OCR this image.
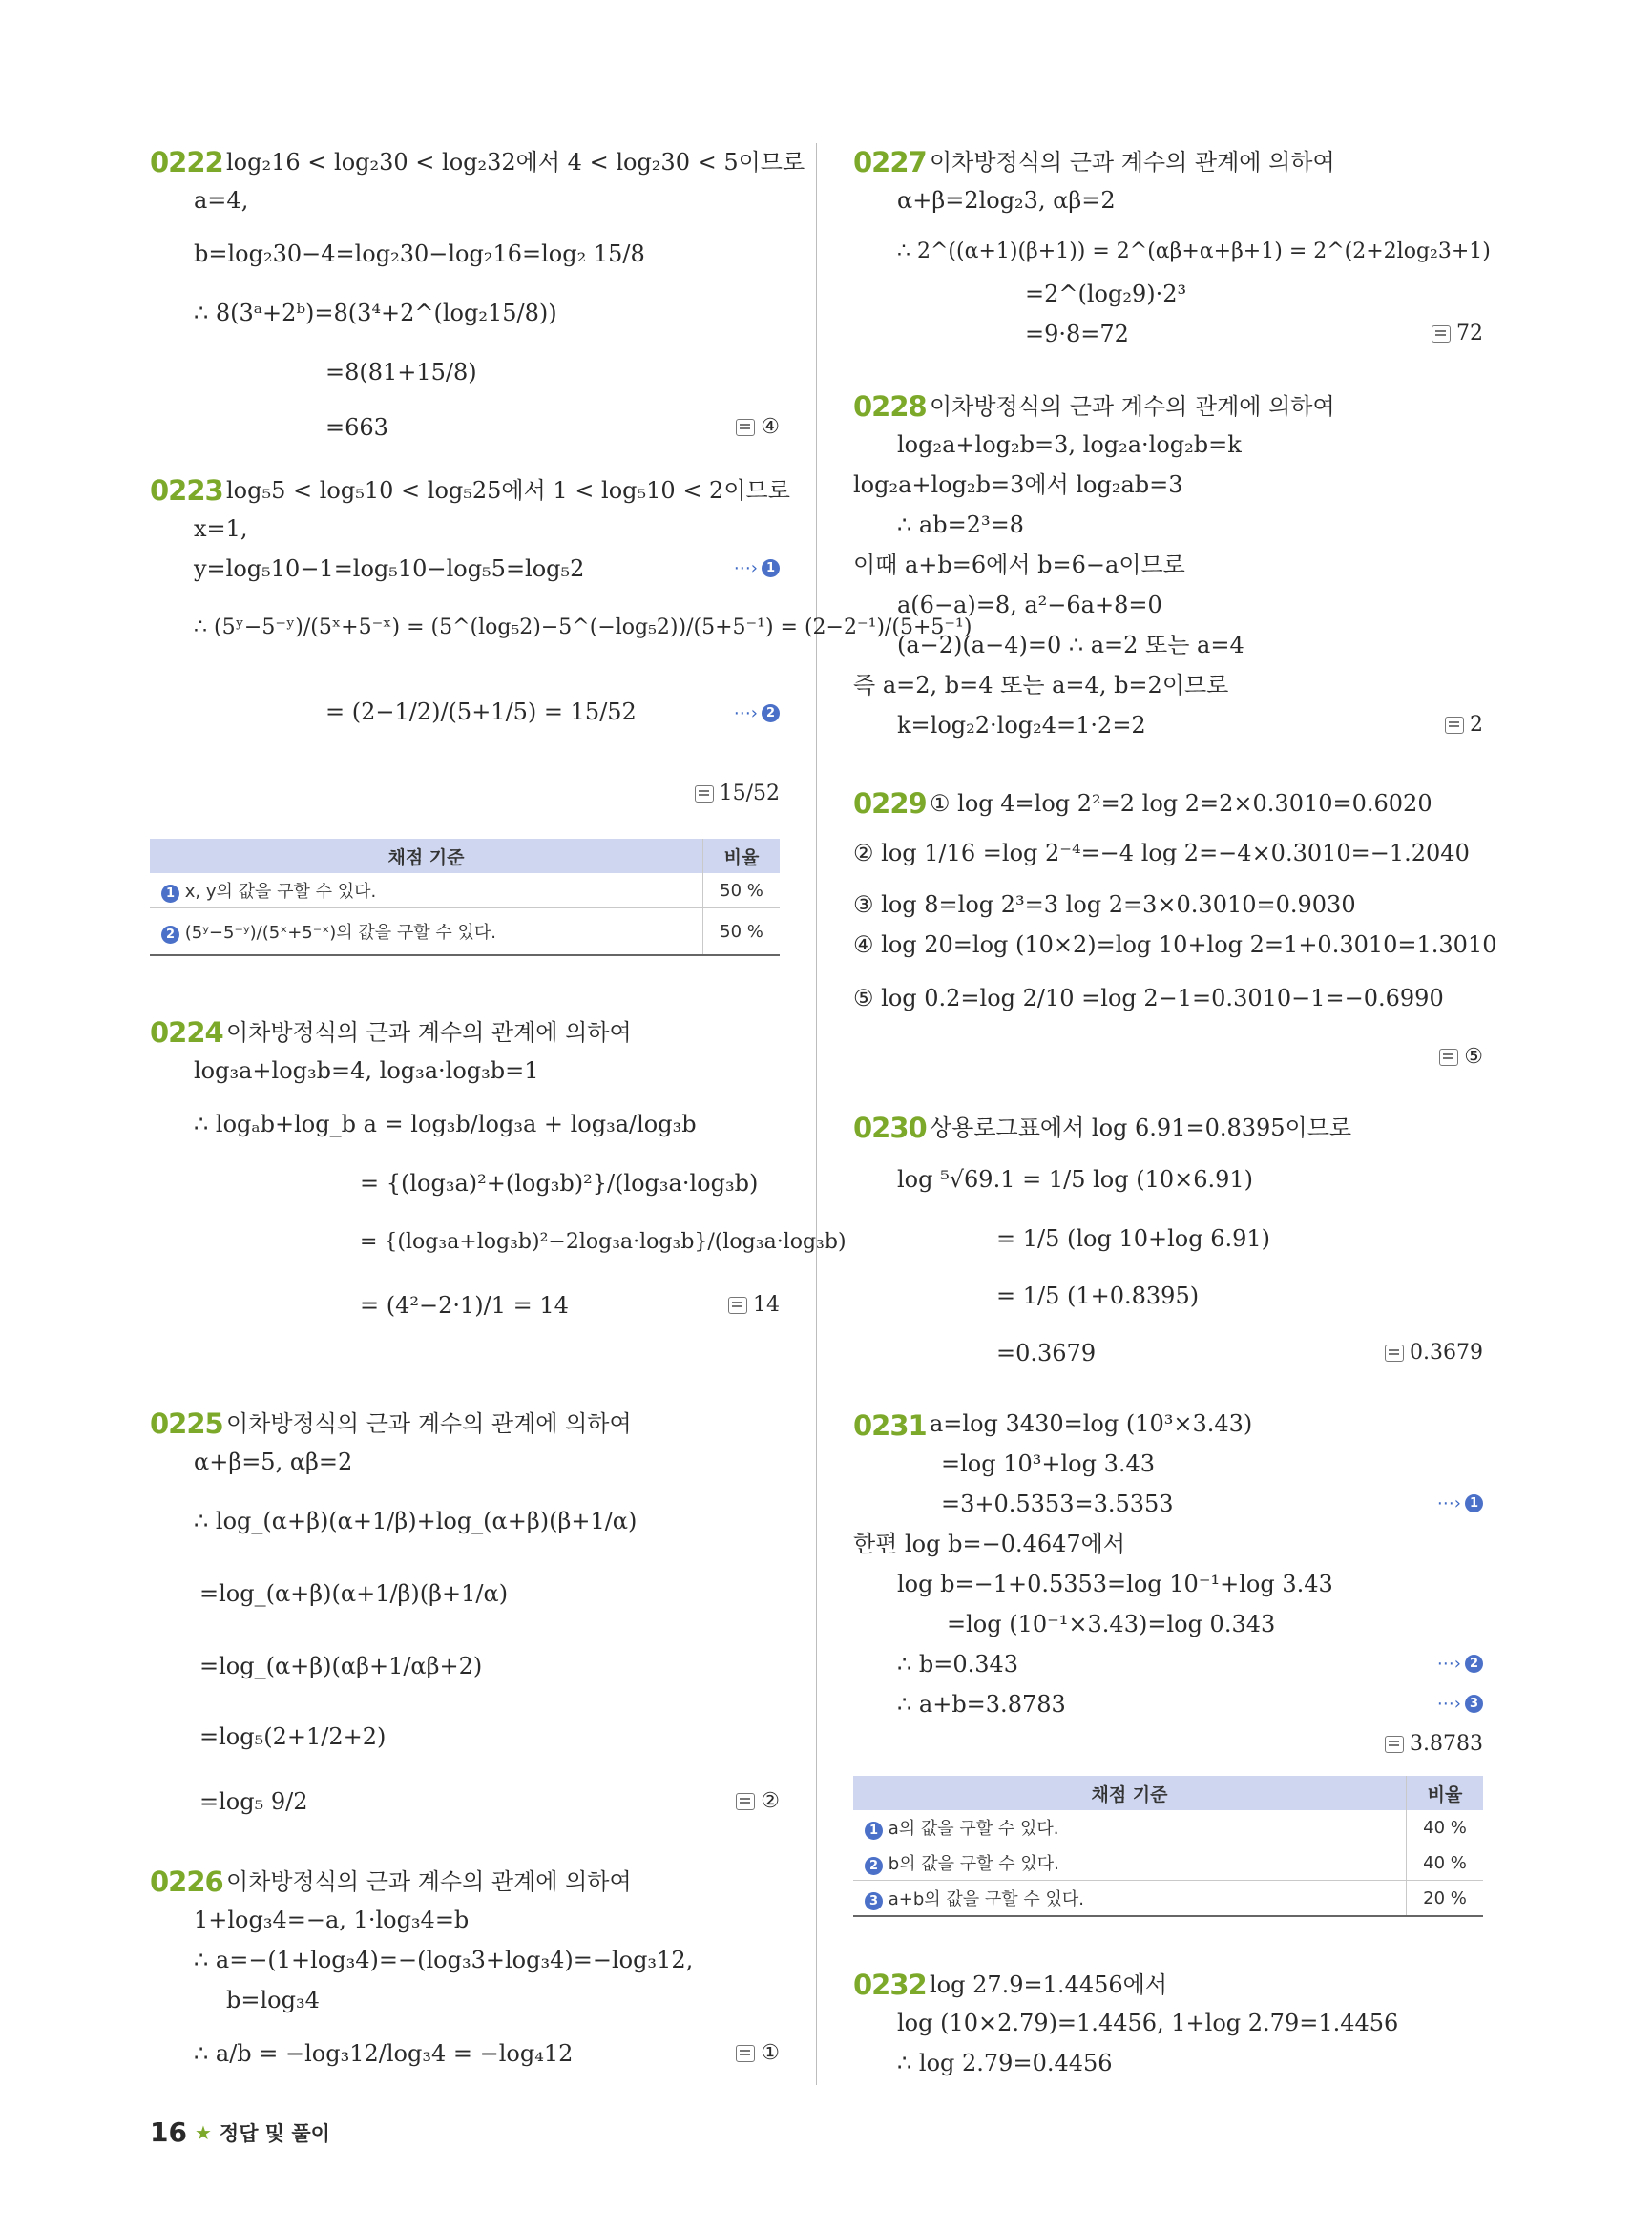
0222 log₂16 < log₂30 < log₂32에서 4 < log₂30 < 5이므로
a=4,
b=log₂30−4=log₂30−log₂16=log₂ 15/8
∴ 8(3ᵃ+2ᵇ)=8(3⁴+2^(log₂15/8))
=8(81+15/8)
=663	④
0223 log₅5 < log₅10 < log₅25에서 1 < log₅10 < 2이므로
x=1,
y=log₅10−1=log₅10−log₅5=log₅2	⋯› 1
∴ (5ʸ−5⁻ʸ)/(5ˣ+5⁻ˣ) = (5^(log₅2)−5^(−log₅2))/(5+5⁻¹) = (2−2⁻¹)/(5+5⁻¹)
= (2−1/2)/(5+1/5) = 15/52	⋯› 2
15/52
채점 기준	비율
1 x, y의 값을 구할 수 있다.	50 %
2 (5ʸ−5⁻ʸ)/(5ˣ+5⁻ˣ)의 값을 구할 수 있다.	50 %
0224 이차방정식의 근과 계수의 관계에 의하여
log₃a+log₃b=4, log₃a·log₃b=1
∴ logₐb+log_b a = log₃b/log₃a + log₃a/log₃b
= {(log₃a)²+(log₃b)²}/(log₃a·log₃b)
= {(log₃a+log₃b)²−2log₃a·log₃b}/(log₃a·log₃b)
= (4²−2·1)/1 = 14	14
0225 이차방정식의 근과 계수의 관계에 의하여
α+β=5, αβ=2
∴ log_(α+β)(α+1/β)+log_(α+β)(β+1/α)
=log_(α+β)(α+1/β)(β+1/α)
=log_(α+β)(αβ+1/αβ+2)
=log₅(2+1/2+2)
=log₅ 9/2	②
0226 이차방정식의 근과 계수의 관계에 의하여
1+log₃4=−a, 1·log₃4=b
∴ a=−(1+log₃4)=−(log₃3+log₃4)=−log₃12,
b=log₃4
∴ a/b = −log₃12/log₃4 = −log₄12	①
0227 이차방정식의 근과 계수의 관계에 의하여
α+β=2log₂3, αβ=2
∴ 2^((α+1)(β+1)) = 2^(αβ+α+β+1) = 2^(2+2log₂3+1)
=2^(log₂9)·2³
=9·8=72	72
0228 이차방정식의 근과 계수의 관계에 의하여
log₂a+log₂b=3, log₂a·log₂b=k
log₂a+log₂b=3에서 log₂ab=3
∴ ab=2³=8
이때 a+b=6에서 b=6−a이므로
a(6−a)=8, a²−6a+8=0
(a−2)(a−4)=0 ∴ a=2 또는 a=4
즉 a=2, b=4 또는 a=4, b=2이므로
k=log₂2·log₂4=1·2=2	2
0229 ① log 4=log 2²=2 log 2=2×0.3010=0.6020
② log 1/16 =log 2⁻⁴=−4 log 2=−4×0.3010=−1.2040
③ log 8=log 2³=3 log 2=3×0.3010=0.9030
④ log 20=log (10×2)=log 10+log 2=1+0.3010=1.3010
⑤ log 0.2=log 2/10 =log 2−1=0.3010−1=−0.6990
⑤
0230 상용로그표에서 log 6.91=0.8395이므로
log ⁵√69.1 = 1/5 log (10×6.91)
= 1/5 (log 10+log 6.91)
= 1/5 (1+0.8395)
=0.3679	0.3679
0231 a=log 3430=log (10³×3.43)
=log 10³+log 3.43
=3+0.5353=3.5353	⋯› 1
한편 log b=−0.4647에서
log b=−1+0.5353=log 10⁻¹+log 3.43
=log (10⁻¹×3.43)=log 0.343
∴ b=0.343	⋯› 2
∴ a+b=3.8783	⋯› 3
3.8783
채점 기준	비율
1 a의 값을 구할 수 있다.	40 %
2 b의 값을 구할 수 있다.	40 %
3 a+b의 값을 구할 수 있다.	20 %
0232 log 27.9=1.4456에서
log (10×2.79)=1.4456, 1+log 2.79=1.4456
∴ log 2.79=0.4456
16 ★ 정답 및 풀이
